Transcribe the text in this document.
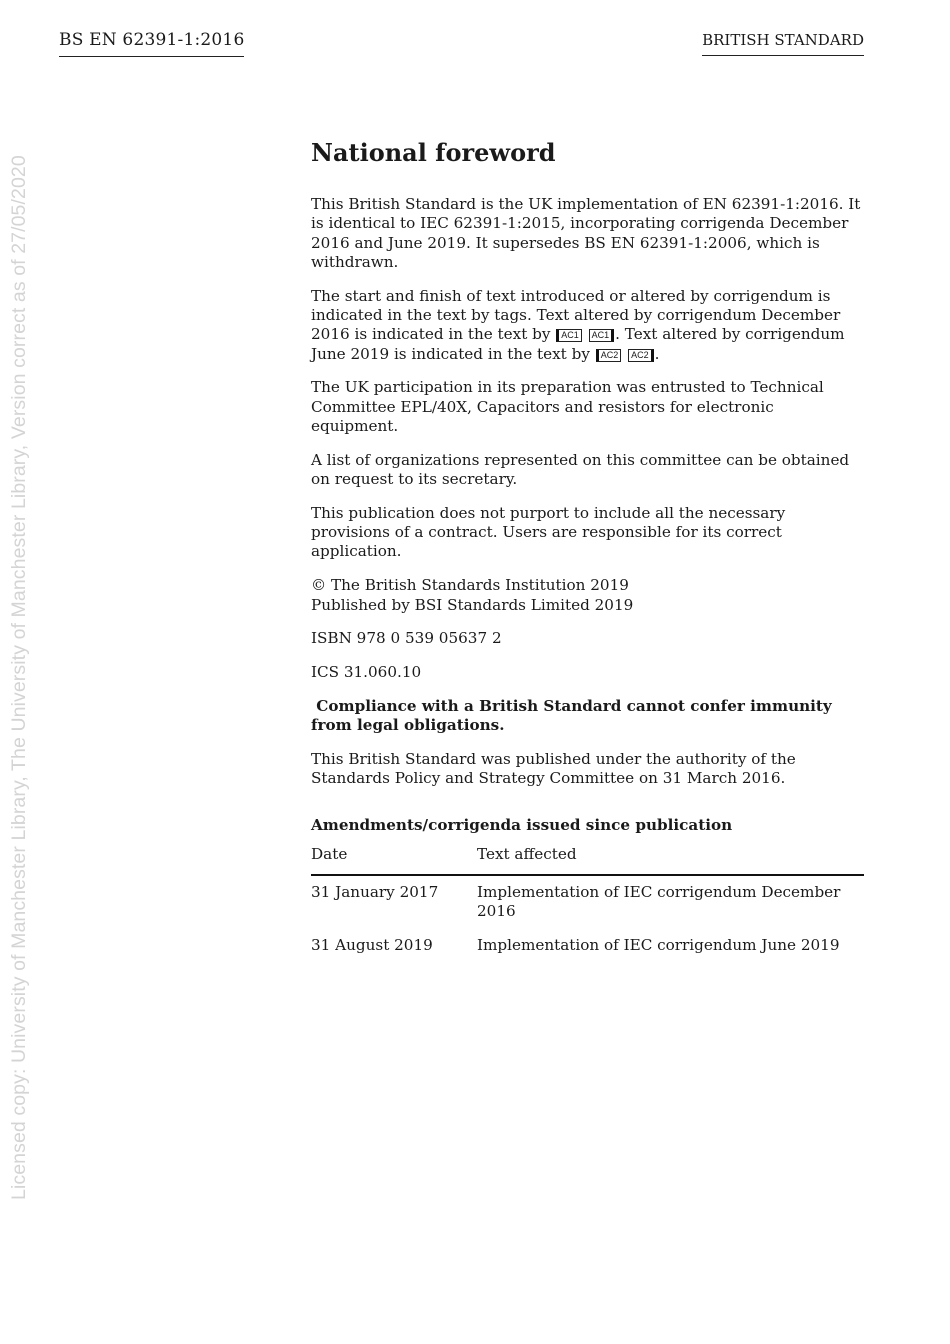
BS EN 62391-1:2016	BRITISH STANDARD
Licensed copy: University of Manchester Library, The University of Manchester Library, Version correct as of 27/05/2020
National foreword

This British Standard is the UK implementation of EN 62391-1:2016. It is identical to IEC 62391-1:2015, incorporating corrigenda December 2016 and June 2019. It supersedes BS EN 62391-1:2006, which is withdrawn.

The start and finish of text introduced or altered by corrigendum is indicated in the text by tags. Text altered by corrigendum December 2016 is indicated in the text by AC1 AC1 . Text altered by corrigendum June 2019 is indicated in the text by AC2 AC2 .

The UK participation in its preparation was entrusted to Technical Committee EPL/40X, Capacitors and resistors for electronic equipment.

A list of organizations represented on this committee can be obtained on request to its secretary.

This publication does not purport to include all the necessary provisions of a contract. Users are responsible for its correct application.

© The British Standards Institution 2019
Published by BSI Standards Limited 2019

ISBN 978 0 539 05637 2

ICS 31.060.10

Compliance with a British Standard cannot confer immunity from legal obligations.

This British Standard was published under the authority of the Standards Policy and Strategy Committee on 31 March 2016.

Amendments/corrigenda issued since publication
Date	Text affected
31 January 2017	Implementation of IEC corrigendum December 2016
31 August 2019	Implementation of IEC corrigendum June 2019
